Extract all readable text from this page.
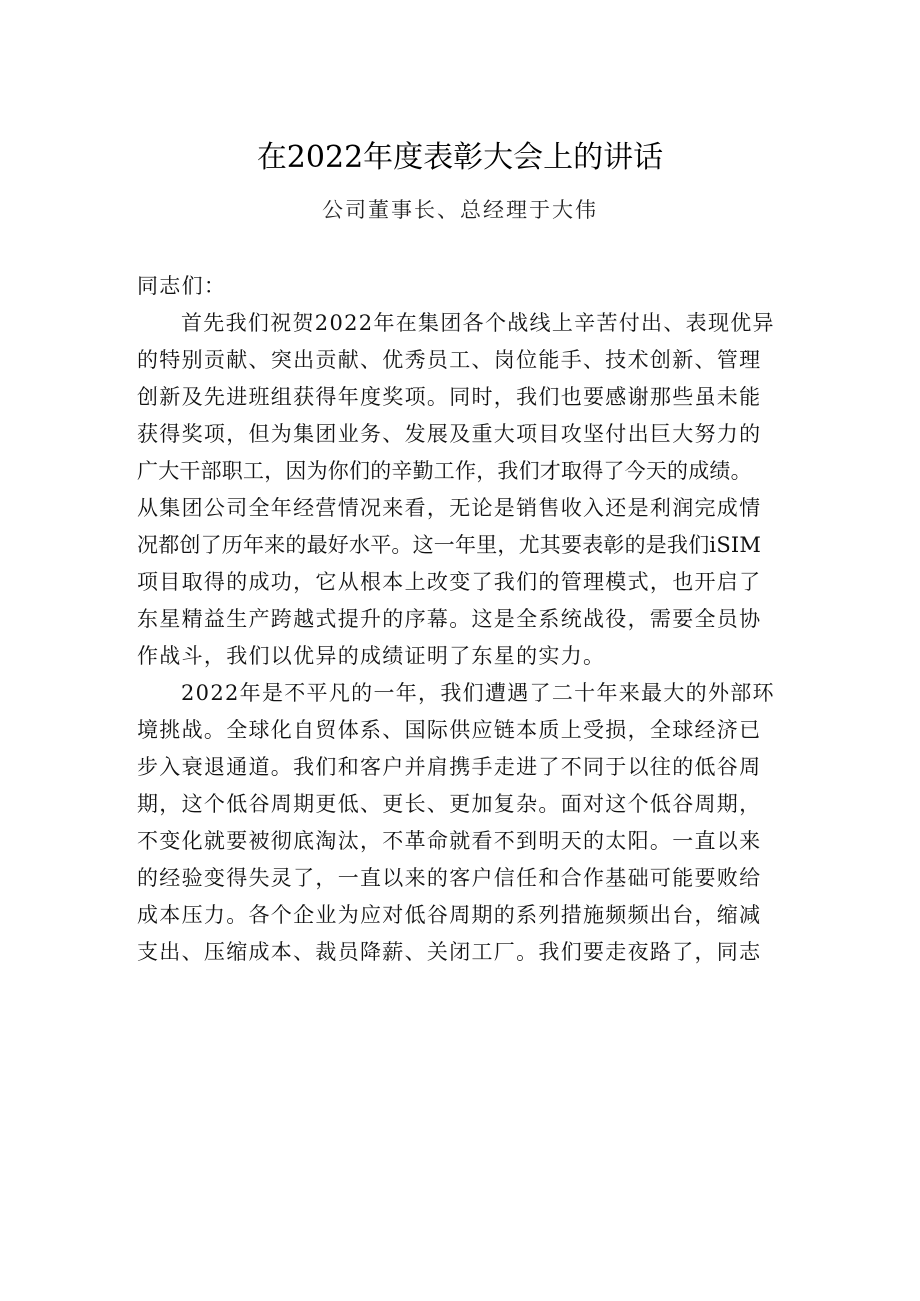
在2022年度表彰大会上的讲话
公司董事长、总经理于大伟
同志们：
首先我们祝贺2022年在集团各个战线上辛苦付出、表现优异
的特别贡献、突出贡献、优秀员工、岗位能手、技术创新、管理
创新及先进班组获得年度奖项。同时，我们也要感谢那些虽未能
获得奖项，但为集团业务、发展及重大项目攻坚付出巨大努力的
广大干部职工，因为你们的辛勤工作，我们才取得了今天的成绩。
从集团公司全年经营情况来看，无论是销售收入还是利润完成情
况都创了历年来的最好水平。这一年里，尤其要表彰的是我们iSIM
项目取得的成功，它从根本上改变了我们的管理模式，也开启了
东星精益生产跨越式提升的序幕。这是全系统战役，需要全员协
作战斗，我们以优异的成绩证明了东星的实力。
2022年是不平凡的一年，我们遭遇了二十年来最大的外部环
境挑战。全球化自贸体系、国际供应链本质上受损，全球经济已
步入衰退通道。我们和客户并肩携手走进了不同于以往的低谷周
期，这个低谷周期更低、更长、更加复杂。面对这个低谷周期，
不变化就要被彻底淘汰，不革命就看不到明天的太阳。一直以来
的经验变得失灵了，一直以来的客户信任和合作基础可能要败给
成本压力。各个企业为应对低谷周期的系列措施频频出台，缩减
支出、压缩成本、裁员降薪、关闭工厂。我们要走夜路了，同志
